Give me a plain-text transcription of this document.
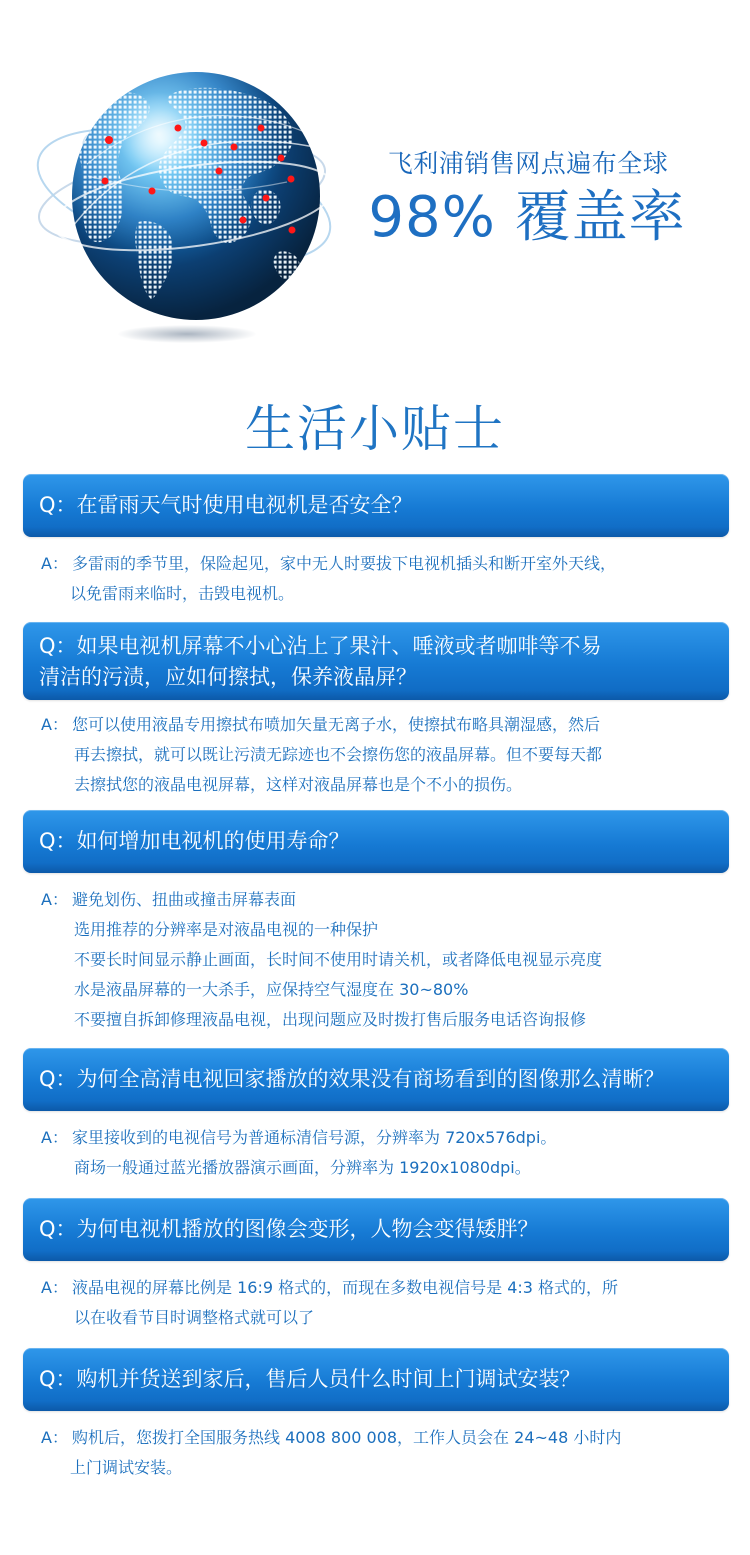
飞利浦销售网点遍布全球
98% 覆盖率
生活小贴士
Q：在雷雨天气时使用电视机是否安全？
A： 多雷雨的季节里，保险起见，家中无人时要拔下电视机插头和断开室外天线，
以免雷雨来临时，击毁电视机。
Q：如果电视机屏幕不小心沾上了果汁、唾液或者咖啡等不易
清洁的污渍，应如何擦拭，保养液晶屏？
A： 您可以使用液晶专用擦拭布喷加矢量无离子水，使擦拭布略具潮湿感，然后
再去擦拭，就可以既让污渍无踪迹也不会擦伤您的液晶屏幕。但不要每天都
去擦拭您的液晶电视屏幕，这样对液晶屏幕也是个不小的损伤。
Q：如何增加电视机的使用寿命？
A： 避免划伤、扭曲或撞击屏幕表面
选用推荐的分辨率是对液晶电视的一种保护
不要长时间显示静止画面，长时间不使用时请关机，或者降低电视显示亮度
水是液晶屏幕的一大杀手，应保持空气湿度在 30~80%
不要擅自拆卸修理液晶电视，出现问题应及时拨打售后服务电话咨询报修
Q：为何全高清电视回家播放的效果没有商场看到的图像那么清晰？
A： 家里接收到的电视信号为普通标清信号源，分辨率为 720x576dpi。
商场一般通过蓝光播放器演示画面，分辨率为 1920x1080dpi。
Q：为何电视机播放的图像会变形，人物会变得矮胖？
A： 液晶电视的屏幕比例是 16:9 格式的，而现在多数电视信号是 4:3 格式的，所
以在收看节目时调整格式就可以了
Q：购机并货送到家后，售后人员什么时间上门调试安装？
A： 购机后，您拨打全国服务热线 4008 800 008，工作人员会在 24~48 小时内
上门调试安装。
